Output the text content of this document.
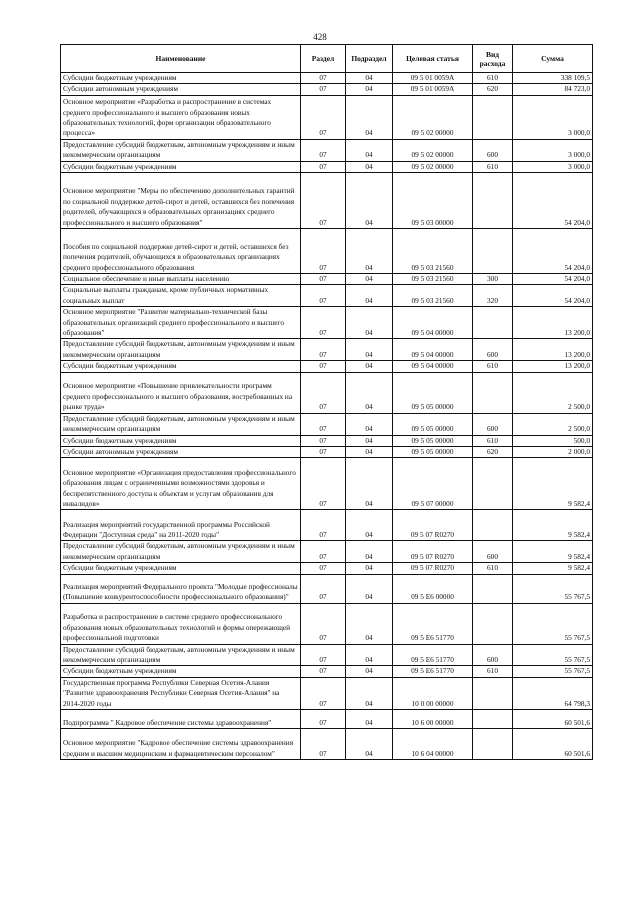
428
Наименование	Раздел	Подраздел	Целевая статья	Вид расхода	Сумма
Субсидии бюджетным учреждениям	07	04	09 5 01 0059А	610	338 109,5
Субсидии автономным учреждениям	07	04	09 5 01 0059А	620	84 723,0
Основное мероприятие «Разработка и распространение в системах среднего профессионального и высшего образования новых образовательных технологий, форм организации образовательного процесса»	07	04	09 5 02 00000		3 000,0
Предоставление субсидий бюджетным, автономным учреждениям и иным некоммерческим организациям	07	04	09 5 02 00000	600	3 000,0
Субсидии бюджетным учреждениям	07	04	09 5 02 00000	610	3 000,0
Основное мероприятие "Меры по обеспечению дополнительных гарантий по социальной поддержке детей-сирот и детей, оставшихся без попечения родителей, обучающихся в образовательных организациях среднего профессионального и высшего образования"	07	04	09 5 03 00000		54 204,0
Пособия по социальной поддержке детей-сирот и детей, оставшихся без попечения родителей, обучающихся в образовательных организациях среднего профессионального образования	07	04	09 5 03 21560		54 204,0
Социальное обеспечение и иные выплаты населению	07	04	09 5 03 21560	300	54 204,0
Социальные выплаты гражданам, кроме публичных нормативных социальных выплат	07	04	09 5 03 21560	320	54 204,0
Основное мероприятие "Развитие материально-технической базы образовательных организаций среднего профессионального и высшего образования"	07	04	09 5 04 00000		13 200,0
Предоставление субсидий бюджетным, автономным учреждениям и иным некоммерческим организациям	07	04	09 5 04 00000	600	13 200,0
Субсидии бюджетным учреждениям	07	04	09 5 04 00000	610	13 200,0
Основное мероприятие «Повышение привлекательности программ среднего профессионального и высшего образования, востребованных на рынке труда»	07	04	09 5 05 00000		2 500,0
Предоставление субсидий бюджетным, автономным учреждениям и иным некоммерческим организациям	07	04	09 5 05 00000	600	2 500,0
Субсидии бюджетным учреждениям	07	04	09 5 05 00000	610	500,0
Субсидии автономным учреждениям	07	04	09 5 05 00000	620	2 000,0
Основное мероприятие «Организация предоставления профессионального образования лицам с ограниченными возможностями здоровья и беспрепятственного доступа к объектам и услугам образования для инвалидов»	07	04	09 5 07 00000		9 582,4
Реализация мероприятий государственной программы Российской Федерации "Доступная среда" на 2011-2020 годы"	07	04	09 5 07 R0270		9 582,4
Предоставление субсидий бюджетным, автономным учреждениям и иным некоммерческим организациям	07	04	09 5 07 R0270	600	9 582,4
Субсидии бюджетным учреждениям	07	04	09 5 07 R0270	610	9 582,4
Реализация мероприятий Федерального проекта "Молодые профессионалы (Повышение конкурентоспособности профессионального образования)"	07	04	09 5 Е6 00000		55 767,5
Разработка и распространение в системе среднего профессионального образования новых образовательных технологий и формы опережающей профессиональной подготовки	07	04	09 5 Е6 51770		55 767,5
Предоставление субсидий бюджетным, автономным учреждениям и иным некоммерческим организациям	07	04	09 5 Е6 51770	600	55 767,5
Субсидии бюджетным учреждениям	07	04	09 5 Е6 51770	610	55 767,5
Государственная программа Республики Северная Осетия-Алания "Развитие здравоохранения Республики Северная Осетия-Алания" на 2014-2020 годы	07	04	10 0 00 00000		64 798,3
Подпрограмма " Кадровое обеспечение системы здравоохранения"	07	04	10 6 00 00000		60 501,6
Основное мероприятие "Кадровое обеспечение системы здравоохранения средним и высшим медицинским и фармацевтическим персоналом"	07	04	10 6 04 00000		60 501,6
